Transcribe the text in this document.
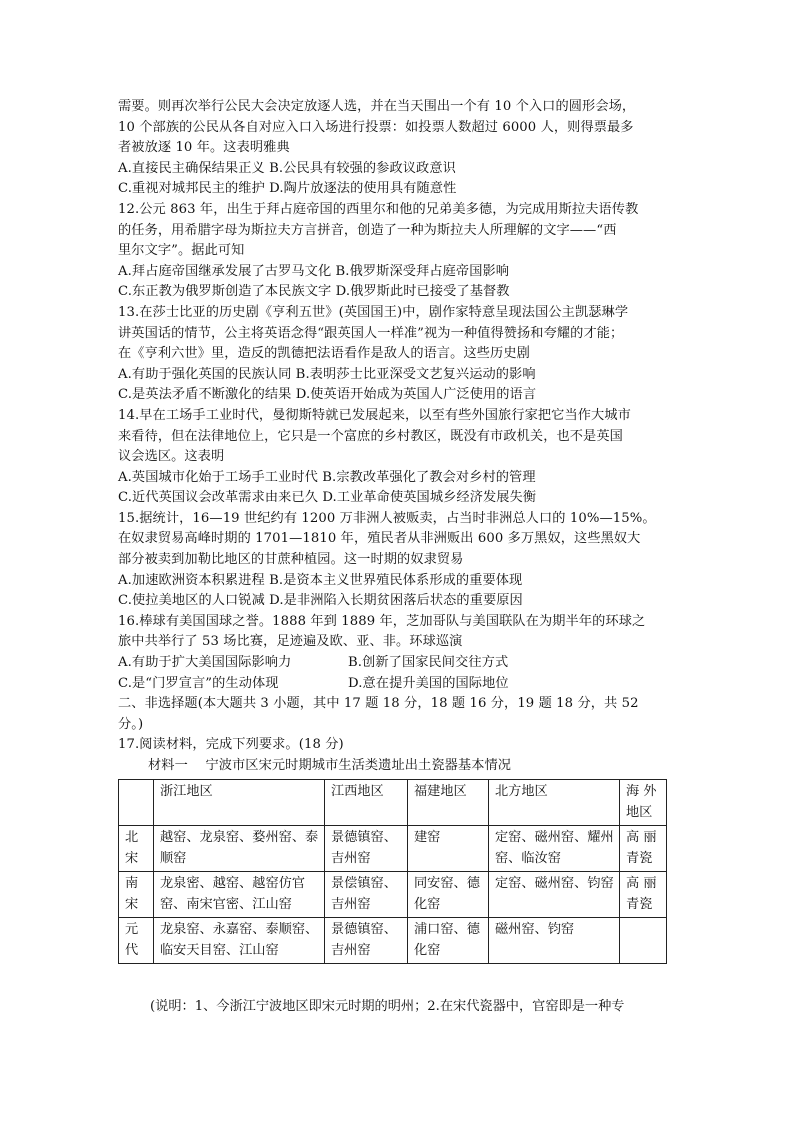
需要。则再次举行公民大会决定放逐人选，并在当天围出一个有 10 个入口的圆形会场，
10 个部族的公民从各自对应入口入场进行投票：如投票人数超过 6000 人，则得票最多
者被放逐 10 年。这表明雅典
A.直接民主确保结果正义 B.公民具有较强的参政议政意识
C.重视对城邦民主的维护 D.陶片放逐法的使用具有随意性
12.公元 863 年，出生于拜占庭帝国的西里尔和他的兄弟美多德，为完成用斯拉夫语传教
的任务，用希腊字母为斯拉夫方言拼音，创造了一种为斯拉夫人所理解的文字——“西
里尔文字”。据此可知
A.拜占庭帝国继承发展了古罗马文化 B.俄罗斯深受拜占庭帝国影响
C.东正教为俄罗斯创造了本民族文字 D.俄罗斯此时已接受了基督教
13.在莎士比亚的历史剧《亨利五世》(英国国王)中，剧作家特意呈现法国公主凯瑟琳学
讲英国话的情节，公主将英语念得“跟英国人一样准”视为一种值得赞扬和夸耀的才能；
在《亨利六世》里，造反的凯德把法语看作是敌人的语言。这些历史剧
A.有助于强化英国的民族认同 B.表明莎士比亚深受文艺复兴运动的影响
C.是英法矛盾不断激化的结果 D.使英语开始成为英国人广泛使用的语言
14.早在工场手工业时代，曼彻斯特就已发展起来，以至有些外国旅行家把它当作大城市
来看待，但在法律地位上，它只是一个富庶的乡村教区，既没有市政机关，也不是英国
议会选区。这表明
A.英国城市化始于工场手工业时代 B.宗教改革强化了教会对乡村的管理
C.近代英国议会改革需求由来已久 D.工业革命使英国城乡经济发展失衡
15.据统计，16—19 世纪约有 1200 万非洲人被贩卖，占当时非洲总人口的 10%—15%。
在奴隶贸易高峰时期的 1701—1810 年，殖民者从非洲贩出 600 多万黑奴，这些黑奴大
部分被卖到加勒比地区的甘蔗种植园。这一时期的奴隶贸易
A.加速欧洲资本积累进程 B.是资本主义世界殖民体系形成的重要体现
C.使拉美地区的人口锐减 D.是非洲陷入长期贫困落后状态的重要原因
16.棒球有美国国球之誉。1888 年到 1889 年，芝加哥队与美国联队在为期半年的环球之
旅中共举行了 53 场比赛，足迹遍及欧、亚、非。环球巡演
A.有助于扩大美国国际影响力	B.创新了国家民间交往方式
C.是“门罗宣言”的生动体现	D.意在提升美国的国际地位
二、非选择题(本大题共 3 小题，其中 17 题 18 分，18 题 16 分，19 题 18 分，共 52
分。)
17.阅读材料，完成下列要求。(18 分)
材料一　 宁波市区宋元时期城市生活类遗址出土瓷器基本情况
	浙江地区	江西地区	福建地区	北方地区	海 外 地区
北 宋	越窑、龙泉窑、婺州窑、泰顺窑	景德镇窑、吉州窑	建窑	定窑、磁州窑、耀州窑、临汝窑	高 丽 青瓷
南 宋	龙泉密、越窑、越窑仿官窑、南宋官密、江山窑	景偿镇窑、吉州窑	同安窑、德化窑	定窑、磁州窑、钧窑	高 丽 青瓷
元 代	龙泉窑、永嘉窑、泰顺窑、临安天目窑、江山窑	景德镇窑、吉州窑	浦口窑、德化窑	磁州窑、钧窑	
(说明：1、今浙江宁波地区即宋元时期的明州；2.在宋代瓷器中，官窑即是一种专
